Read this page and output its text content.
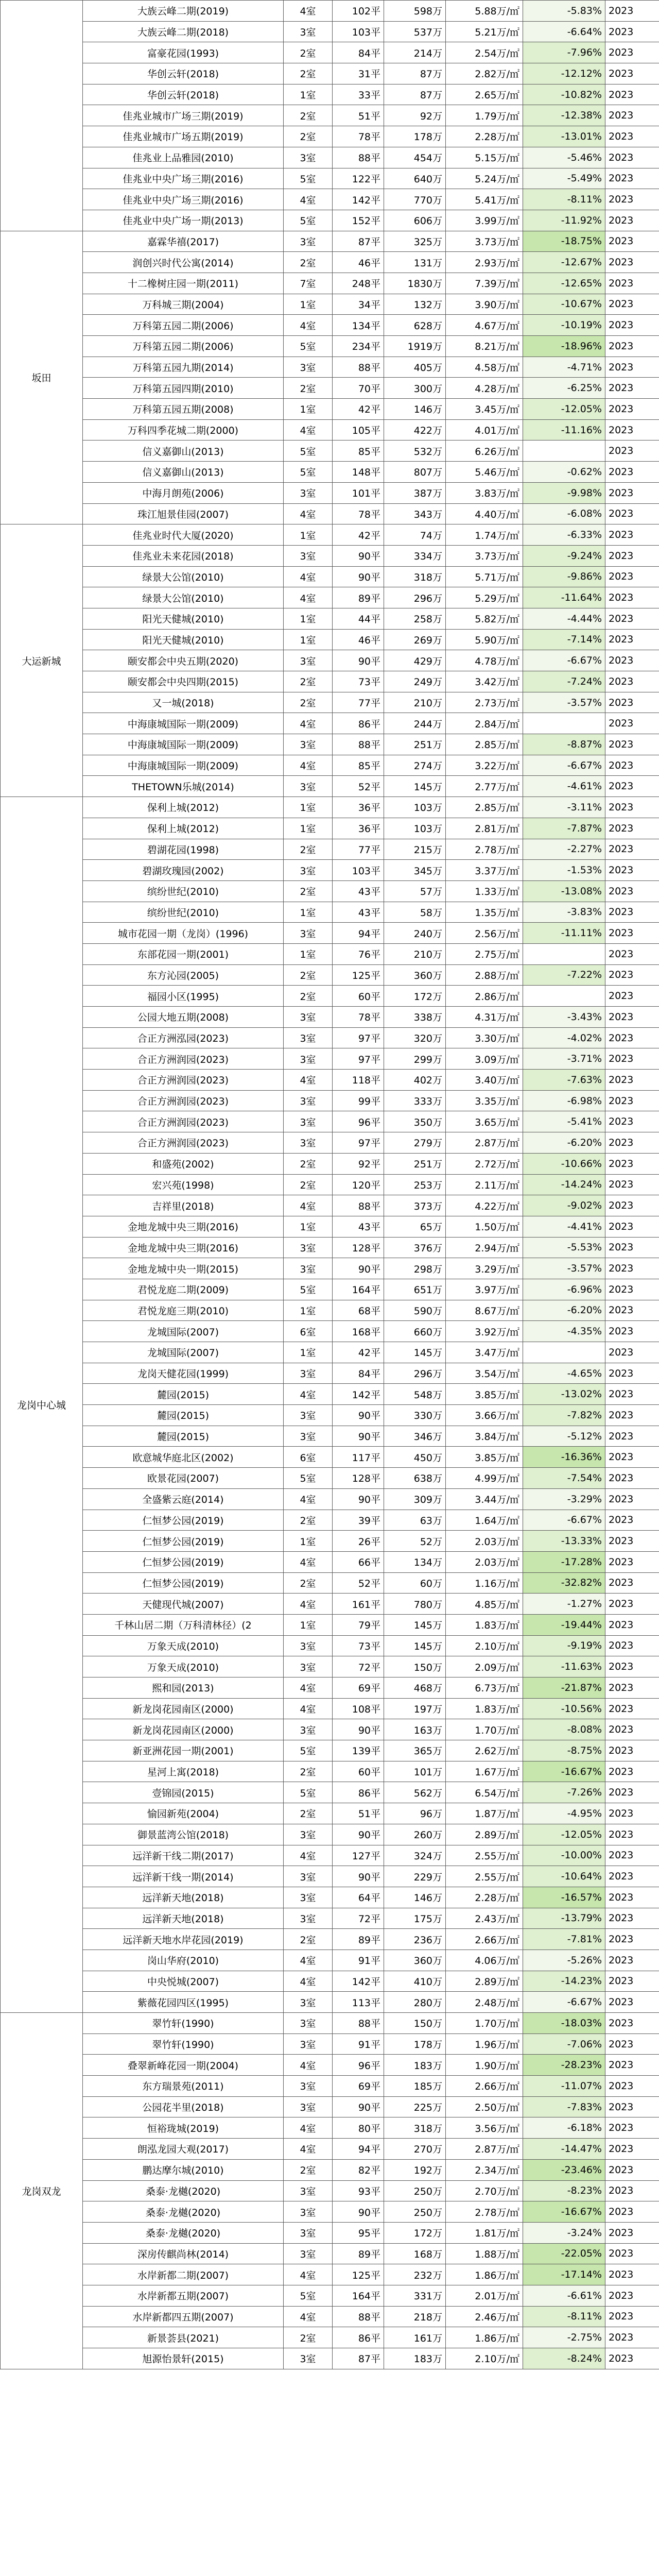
	大族云峰二期(2019)	4室	102平	598万	5.88万/㎡	-5.83%	2023
	大族云峰二期(2018)	3室	103平	537万	5.21万/㎡	-6.64%	2023
	富豪花园(1993)	2室	84平	214万	2.54万/㎡	-7.96%	2023
	华创云轩(2018)	2室	31平	87万	2.82万/㎡	-12.12%	2023
	华创云轩(2018)	1室	33平	87万	2.65万/㎡	-10.82%	2023
	佳兆业城市广场三期(2019)	2室	51平	92万	1.79万/㎡	-12.38%	2023
	佳兆业城市广场五期(2019)	2室	78平	178万	2.28万/㎡	-13.01%	2023
	佳兆业上品雅园(2010)	3室	88平	454万	5.15万/㎡	-5.46%	2023
	佳兆业中央广场三期(2016)	5室	122平	640万	5.24万/㎡	-5.49%	2023
	佳兆业中央广场三期(2016)	4室	142平	770万	5.41万/㎡	-8.11%	2023
	佳兆业中央广场一期(2013)	5室	152平	606万	3.99万/㎡	-11.92%	2023
坂田	嘉霖华禧(2017)	3室	87平	325万	3.73万/㎡	-18.75%	2023
	润创兴时代公寓(2014)	2室	46平	131万	2.93万/㎡	-12.67%	2023
	十二橡树庄园一期(2011)	7室	248平	1830万	7.39万/㎡	-12.65%	2023
	万科城三期(2004)	1室	34平	132万	3.90万/㎡	-10.67%	2023
	万科第五园二期(2006)	4室	134平	628万	4.67万/㎡	-10.19%	2023
	万科第五园二期(2006)	5室	234平	1919万	8.21万/㎡	-18.96%	2023
	万科第五园九期(2014)	3室	88平	405万	4.58万/㎡	-4.71%	2023
	万科第五园四期(2010)	2室	70平	300万	4.28万/㎡	-6.25%	2023
	万科第五园五期(2008)	1室	42平	146万	3.45万/㎡	-12.05%	2023
	万科四季花城二期(2000)	4室	105平	422万	4.01万/㎡	-11.16%	2023
	信义嘉御山(2013)	5室	85平	532万	6.26万/㎡		2023
	信义嘉御山(2013)	5室	148平	807万	5.46万/㎡	-0.62%	2023
	中海月朗苑(2006)	3室	101平	387万	3.83万/㎡	-9.98%	2023
	珠江旭景佳园(2007)	4室	78平	343万	4.40万/㎡	-6.08%	2023
大运新城	佳兆业时代大厦(2020)	1室	42平	74万	1.74万/㎡	-6.33%	2023
	佳兆业未来花园(2018)	3室	90平	334万	3.73万/㎡	-9.24%	2023
	绿景大公馆(2010)	4室	90平	318万	5.71万/㎡	-9.86%	2023
	绿景大公馆(2010)	4室	89平	296万	5.29万/㎡	-11.64%	2023
	阳光天健城(2010)	1室	44平	258万	5.82万/㎡	-4.44%	2023
	阳光天健城(2010)	1室	46平	269万	5.90万/㎡	-7.14%	2023
	颐安都会中央五期(2020)	3室	90平	429万	4.78万/㎡	-6.67%	2023
	颐安都会中央四期(2015)	2室	73平	249万	3.42万/㎡	-7.24%	2023
	又一城(2018)	2室	77平	210万	2.73万/㎡	-3.57%	2023
	中海康城国际一期(2009)	4室	86平	244万	2.84万/㎡		2023
	中海康城国际一期(2009)	3室	88平	251万	2.85万/㎡	-8.87%	2023
	中海康城国际一期(2009)	4室	85平	274万	3.22万/㎡	-6.67%	2023
	THETOWN乐城(2014)	3室	52平	145万	2.77万/㎡	-4.61%	2023
龙岗中心城	保利上城(2012)	1室	36平	103万	2.85万/㎡	-3.11%	2023
	保利上城(2012)	1室	36平	103万	2.81万/㎡	-7.87%	2023
	碧湖花园(1998)	2室	77平	215万	2.78万/㎡	-2.27%	2023
	碧湖玫瑰园(2002)	3室	103平	345万	3.37万/㎡	-1.53%	2023
	缤纷世纪(2010)	2室	43平	57万	1.33万/㎡	-13.08%	2023
	缤纷世纪(2010)	1室	43平	58万	1.35万/㎡	-3.83%	2023
	城市花园一期（龙岗）(1996)	3室	94平	240万	2.56万/㎡	-11.11%	2023
	东部花园一期(2001)	1室	76平	210万	2.75万/㎡		2023
	东方沁园(2005)	2室	125平	360万	2.88万/㎡	-7.22%	2023
	福园小区(1995)	2室	60平	172万	2.86万/㎡		2023
	公园大地五期(2008)	3室	78平	338万	4.31万/㎡	-3.43%	2023
	合正方洲泓园(2023)	3室	97平	320万	3.30万/㎡	-4.02%	2023
	合正方洲润园(2023)	3室	97平	299万	3.09万/㎡	-3.71%	2023
	合正方洲润园(2023)	4室	118平	402万	3.40万/㎡	-7.63%	2023
	合正方洲润园(2023)	3室	99平	333万	3.35万/㎡	-6.98%	2023
	合正方洲润园(2023)	3室	96平	350万	3.65万/㎡	-5.41%	2023
	合正方洲润园(2023)	3室	97平	279万	2.87万/㎡	-6.20%	2023
	和盛苑(2002)	2室	92平	251万	2.72万/㎡	-10.66%	2023
	宏兴苑(1998)	2室	120平	253万	2.11万/㎡	-14.24%	2023
	吉祥里(2018)	4室	88平	373万	4.22万/㎡	-9.02%	2023
	金地龙城中央三期(2016)	1室	43平	65万	1.50万/㎡	-4.41%	2023
	金地龙城中央三期(2016)	3室	128平	376万	2.94万/㎡	-5.53%	2023
	金地龙城中央一期(2015)	3室	90平	298万	3.29万/㎡	-3.57%	2023
	君悦龙庭二期(2009)	5室	164平	651万	3.97万/㎡	-6.96%	2023
	君悦龙庭三期(2010)	1室	68平	590万	8.67万/㎡	-6.20%	2023
	龙城国际(2007)	6室	168平	660万	3.92万/㎡	-4.35%	2023
	龙城国际(2007)	1室	42平	145万	3.47万/㎡		2023
	龙岗天健花园(1999)	3室	84平	296万	3.54万/㎡	-4.65%	2023
	麓园(2015)	4室	142平	548万	3.85万/㎡	-13.02%	2023
	麓园(2015)	3室	90平	330万	3.66万/㎡	-7.82%	2023
	麓园(2015)	3室	90平	346万	3.84万/㎡	-5.12%	2023
	欧意城华庭北区(2002)	6室	117平	450万	3.85万/㎡	-16.36%	2023
	欧景花园(2007)	5室	128平	638万	4.99万/㎡	-7.54%	2023
	全盛紫云庭(2014)	4室	90平	309万	3.44万/㎡	-3.29%	2023
	仁恒梦公园(2019)	2室	39平	63万	1.64万/㎡	-6.67%	2023
	仁恒梦公园(2019)	1室	26平	52万	2.03万/㎡	-13.33%	2023
	仁恒梦公园(2019)	4室	66平	134万	2.03万/㎡	-17.28%	2023
	仁恒梦公园(2019)	2室	52平	60万	1.16万/㎡	-32.82%	2023
	天健现代城(2007)	4室	161平	780万	4.85万/㎡	-1.27%	2023
	千林山居二期（万科清林径）(2	1室	79平	145万	1.83万/㎡	-19.44%	2023
	万象天成(2010)	3室	73平	145万	2.10万/㎡	-9.19%	2023
	万象天成(2010)	3室	72平	150万	2.09万/㎡	-11.63%	2023
	熙和园(2013)	4室	69平	468万	6.73万/㎡	-21.87%	2023
	新龙岗花园南区(2000)	4室	108平	197万	1.83万/㎡	-10.56%	2023
	新龙岗花园南区(2000)	3室	90平	163万	1.70万/㎡	-8.08%	2023
	新亚洲花园一期(2001)	5室	139平	365万	2.62万/㎡	-8.75%	2023
	星河上寓(2018)	2室	60平	101万	1.67万/㎡	-16.67%	2023
	壹锦园(2015)	5室	86平	562万	6.54万/㎡	-7.26%	2023
	愉园新苑(2004)	2室	51平	96万	1.87万/㎡	-4.95%	2023
	御景蓝湾公馆(2018)	3室	90平	260万	2.89万/㎡	-12.05%	2023
	远洋新干线二期(2017)	4室	127平	324万	2.55万/㎡	-10.00%	2023
	远洋新干线一期(2014)	3室	90平	229万	2.55万/㎡	-10.64%	2023
	远洋新天地(2018)	3室	64平	146万	2.28万/㎡	-16.57%	2023
	远洋新天地(2018)	3室	72平	175万	2.43万/㎡	-13.79%	2023
	远洋新天地水岸花园(2019)	2室	89平	236万	2.66万/㎡	-7.81%	2023
	岗山华府(2010)	4室	91平	360万	4.06万/㎡	-5.26%	2023
	中央悦城(2007)	4室	142平	410万	2.89万/㎡	-14.23%	2023
	紫薇花园四区(1995)	3室	113平	280万	2.48万/㎡	-6.67%	2023
龙岗双龙	翠竹轩(1990)	3室	88平	150万	1.70万/㎡	-18.03%	2023
	翠竹轩(1990)	3室	91平	178万	1.96万/㎡	-7.06%	2023
	叠翠新峰花园一期(2004)	4室	96平	183万	1.90万/㎡	-28.23%	2023
	东方瑞景苑(2011)	3室	69平	185万	2.66万/㎡	-11.07%	2023
	公园花半里(2018)	3室	90平	225万	2.50万/㎡	-7.83%	2023
	恒裕珑城(2019)	4室	80平	318万	3.56万/㎡	-6.18%	2023
	朗泓龙园大观(2017)	4室	94平	270万	2.87万/㎡	-14.47%	2023
	鹏达摩尔城(2010)	2室	82平	192万	2.34万/㎡	-23.46%	2023
	桑泰·龙樾(2020)	3室	93平	250万	2.70万/㎡	-8.23%	2023
	桑泰·龙樾(2020)	3室	90平	250万	2.78万/㎡	-16.67%	2023
	桑泰·龙樾(2020)	3室	95平	172万	1.81万/㎡	-3.24%	2023
	深房传麒尚林(2014)	3室	89平	168万	1.88万/㎡	-22.05%	2023
	水岸新都二期(2007)	4室	125平	232万	1.86万/㎡	-17.14%	2023
	水岸新都五期(2007)	5室	164平	331万	2.01万/㎡	-6.61%	2023
	水岸新都四五期(2007)	4室	88平	218万	2.46万/㎡	-8.11%	2023
	新景荟县(2021)	2室	86平	161万	1.86万/㎡	-2.75%	2023
	旭源怡景轩(2015)	3室	87平	183万	2.10万/㎡	-8.24%	2023
